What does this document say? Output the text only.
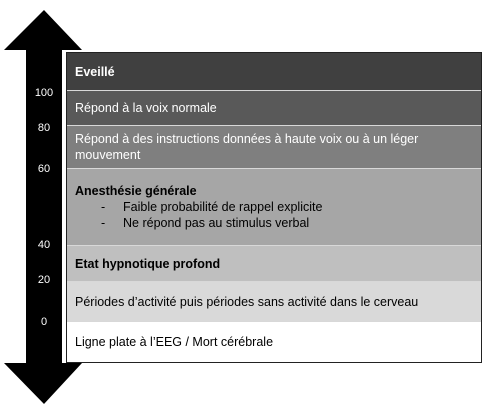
100
80
60
40
20
0
Eveillé
Répond à la voix normale
Répond à des instructions données à haute voix ou à un léger mouvement
Anesthésie générale
-	Faible probabilité de rappel explicite
-	Ne répond pas au stimulus verbal
Etat hypnotique profond
Périodes d’activité puis périodes sans activité dans le cerveau
Ligne plate à l’EEG / Mort cérébrale
